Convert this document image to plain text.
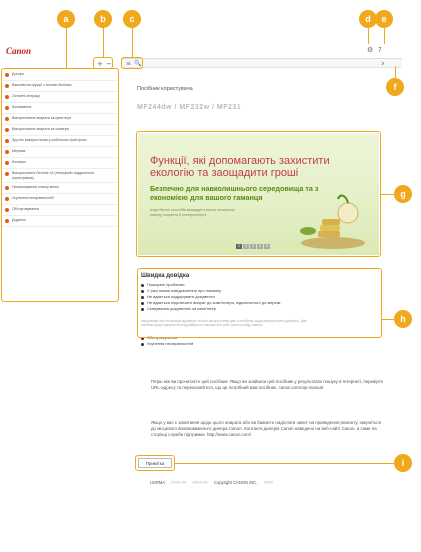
Canon
+ − ≡ 🔍
⚙ ?
›
Догори
Важливі інструкції з техніки безпеки
Основні операції
Копіювання
Використання апарата як принтера
Використання апарата як сканера
Зручне використання у мобільних пристроях
Мережа
Безпека
Використання Remote UI (Інтерфейс віддаленого користувача)
Налаштування списку меню
Усунення несправностей
Обслуговування
Додаток
Посібник користувача
MF244dw / MF232w / MF231
Функції, які допомагають захистити екологію та заощадити гроші
Безпечно для навколишнього середовища та з економією для вашого гаманця
Існує багато способів заощадити кошти на витрату паперу, покриття й електроенергії.
1	2	3	4	5
Швидка довідка
Поширені проблеми
У разі появи повідомлення про помилку
Не вдається надрукувати документи
Не вдається підключити апарат до комп'ютера, підключеного до мережі
Сканування документів на комп'ютер
Інформацію про інсталяцію драйвера та його використання див. в посібнику щодо використання драйвера. Див. посібник щодо використання драйвера на нашому веб-сайті canon.com/gp-manual
Обслуговування
Усунення несправностей
Перш ніж ви прочитаєте цей посібник: Якщо ви знайшли цей посібник у результатах пошуку в Інтернеті, перевірте URL-адресу та переконайтеся, що це потрібний вам посібник. canon.com/oip-manual
Якщо у вас є запитання щодо цього апарата або ви бажаєте надіслати запит на проведення ремонту, зверніться до місцевого вповноваженого дилера Canon. Контакти дилерів Canon наведено на веб-сайті Canon, а саме на сторінці служби підтримки. http://www.canon.com/
Примітка
USRMA ####-## ####-## Copyright CANON INC. ####
a	b	c	d	e
f
g
h
i
